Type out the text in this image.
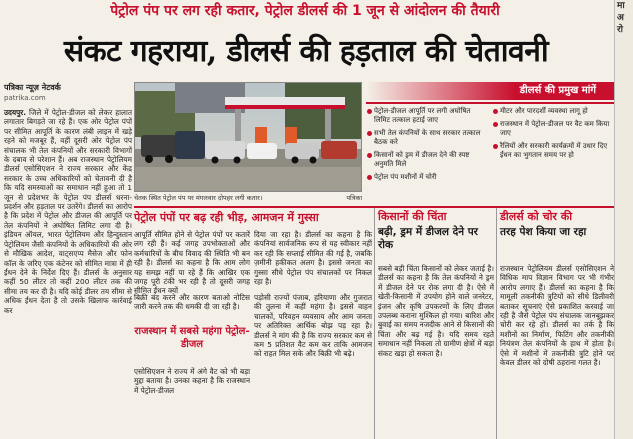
पेट्रोल पंप पर लग रही कतार, पेट्रोल डीलर्स की 1 जून से आंदोलन की तैयारी
संकट गहराया, डीलर्स की हड़ताल की चेतावनी
मा
अ
रो
पत्रिका न्यूज़ नेटवर्क
patrika.com
उदयपुर. जिले में पेट्रोल-डीजल को लेकर हालात लगातार बिगड़ते जा रहे हैं। एक ओर पेट्रोल पंपों पर सीमित आपूर्ति के कारण लंबी लाइन में खड़े रहने को मजबूर हैं, वहीं दूसरी ओर पेट्रोल पंप संचालक भी तेल कंपनियों और सरकारी विभागों के दबाव से परेशान हैं। अब राजस्थान पेट्रोलियम डीलर्स एसोसिएशन ने राज्य सरकार और केंद्र सरकार के उच्च अधिकारियों को चेतावनी दी है कि यदि समस्याओं का समाधान नहीं हुआ तो 1 जून से प्रदेशभर के पेट्रोल पंप डीलर्स धरना-प्रदर्शन और हड़ताल पर उतरेंगे। डीलर्स का आरोप है कि प्रदेश में पेट्रोल और डीजल की आपूर्ति पर तेल कंपनियों ने अघोषित लिमिट लगा दी है। इंडियन ऑयल, भारत पेट्रोलियम और हिन्दुस्तान पेट्रोलियम जैसी कंपनियों के अधिकारियों की ओर से मौखिक आदेश, वाट्सएप्प मैसेज और फोन कॉल के जरिए एक कंटेनर को सीमित मात्रा में ही ईंधन देने के निर्देश दिए हैं। डीलर्स के अनुसार कहीं 50 लीटर तो कहीं 200 लीटर तक की सीमा तय कर दी है। यदि कोई डीलर तय सीमा से अधिक ईंधन देता है तो उसके खिलाफ कार्रवाई कर
चेतक स्थित पेट्रोल पंप पर मंगलवार दोपहर लगी कतार।	पत्रिका
डीलर्स की प्रमुख मांगें
पेट्रोल-डीजल आपूर्ति पर लगी अघोषित लिमिट तत्काल हटाई जाए
सभी तेल कंपनियों के साथ सरकार तत्काल बैठक करे
किसानों को ड्रम में डीजल देने की स्पष्ट अनुमति मिले
पेट्रोल पंप मशीनों में चोरी
मीटर और पारदर्शी व्यवस्था लागू हो
राजस्थान में पेट्रोल-डीजल पर वैट कम किया जाए
रैलियों और सरकारी कार्यक्रमों में उधार दिए ईंधन का भुगतान समय पर हो
पेट्रोल पंपों पर बढ़ रही भीड़, आमजन में गुस्सा
आपूर्ति सीमित होने से पेट्रोल पंपों पर कतारें लग रही हैं। कई जगह उपभोक्ताओं और कर्मचारियों के बीच विवाद की स्थिति भी बन रही है। डीलर्स का कहना है कि आम लोग यह समझ नहीं पा रहे हैं कि आखिर एक जगह पूरी टंकी भर रही है तो दूसरी जगह सीमित ईंधन क्यों
दिया जा रहा है। डीलर्स का कहना है कि कंपनियां सार्वजनिक रूप से यह स्वीकार नहीं कर रही कि सप्लाई सीमित की गई है, जबकि ज़मीनी हकीकत अलग है। इससे जनता का गुस्सा सीधे पेट्रोल पंप संचालकों पर निकल रहा है।
बिक्री बंद करने और कारण बताओ नोटिस जारी करने तक की धमकी दी जा रही है।
पड़ोसी राज्यों पंजाब, हरियाणा और गुजरात की तुलना में कहीं महंगा है। इससे वाहन चालकों, परिवहन व्यवसाय और आम जनता पर अतिरिक्त आर्थिक बोझ पड़ रहा है। डीलर्स ने मांग की है कि राज्य सरकार कम से कम 5 प्रतिशत वैट कम कर ताकि आमजन को राहत मिल सके और बिक्री भी बढ़े।
राजस्थान में सबसे महंगा पेट्रोल-डीजल
एसोसिएशन ने राज्य में अंगे वैट को भी बड़ा मुद्दा बताया है। उनका कहना है कि राजस्थान में पेट्रोल-डीजल
किसानों की चिंता
बढ़ी, ड्रम में डीजल देने पर रोक
सबसे बड़ी चिंता किसानों को लेकर जताई है। डीलर्स का कहना है कि तेल कंपनियों ने ड्रम में डीजल देने पर रोक लगा दी है। ऐसे में खेती-किसानी में उपयोग होने वाले जनरेटर, इंजन और कृषि उपकरणों के लिए डीजल उपलब्ध कराना मुश्किल हो गया। बारिश और बुवाई का समय नजदीक आने से किसानों की चिंता और बढ़ गई है। यदि समय रहते समाधान नहीं निकला तो ग्रामीण क्षेत्रों में बड़ा संकट खड़ा हो सकता है।
डीलर्स को चोर की
तरह पेश किया जा रहा
राजस्थान पेट्रोलियम डीलर्स एसोसिएशन ने विधिक माप विज्ञान विभाग पर भी गंभीर आरोप लगाए हैं। डीलर्स का कहना है कि मामूली तकनीकी त्रुटियों को सीधे डिलीवरी बताकर सूचनाएं ऐसे प्रकाशित करवाई जा रही है जैसे पेट्रोल पंप संचालक जानबूझकर चोरी कर रहे हों। डीलर्स का तर्क है कि मशीनों का निर्माण, फिटिंग और तकनीकी नियंत्रण तेल कंपनियों के हाथ में होता है। ऐसे में मशीनों में तकनीकी त्रुटि होने पर केवल डीलर को दोषी ठहराना गलत है।
